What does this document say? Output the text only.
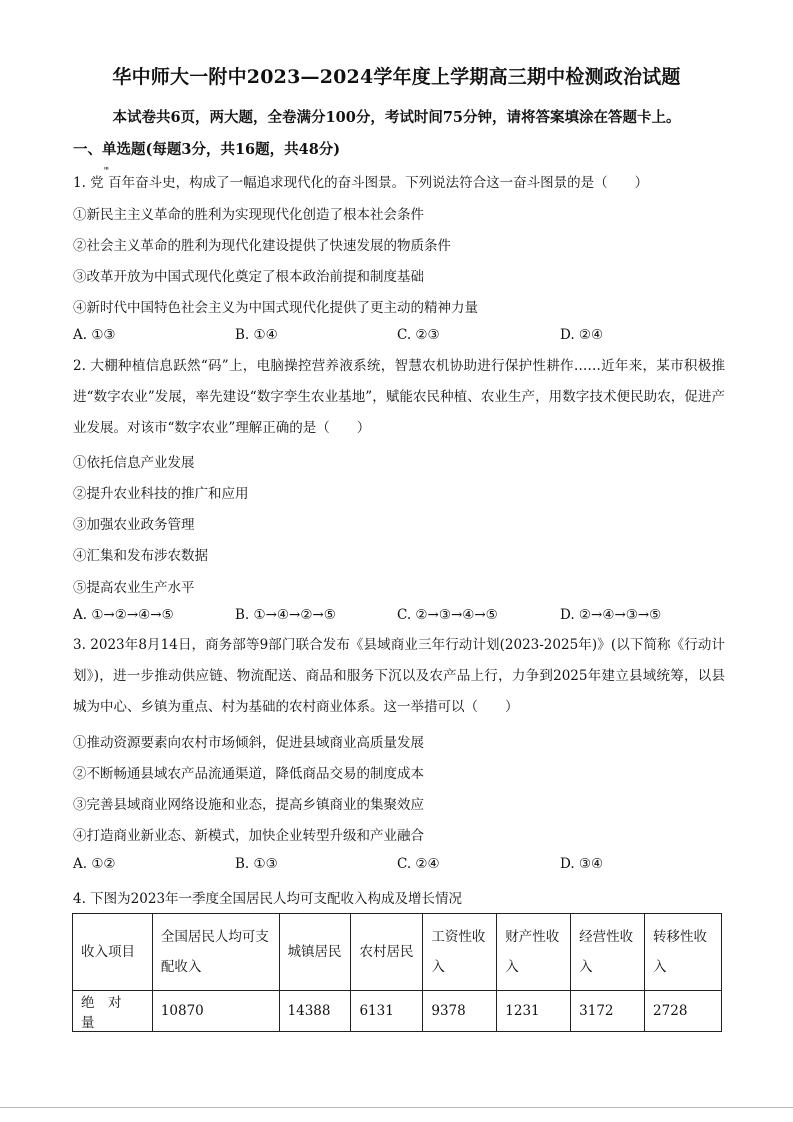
华中师大一附中2023—2024学年度上学期高三期中检测政治试题
本试卷共6页，两大题，全卷满分100分，考试时间75分钟，请将答案填涂在答题卡上。
一、单选题(每题3分，共16题，共48分)
1. 党'''百年奋斗史，构成了一幅追求现代化的奋斗图景。下列说法符合这一奋斗图景的是（　　）
①新民主主义革命的胜利为实现现代化创造了根本社会条件
②社会主义革命的胜利为现代化建设提供了快速发展的物质条件
③改革开放为中国式现代化奠定了根本政治前提和制度基础
④新时代中国特色社会主义为中国式现代化提供了更主动的精神力量
A. ①③	B. ①④	C. ②③	D. ②④
2. 大棚种植信息跃然“码”上，电脑操控营养液系统，智慧农机协助进行保护性耕作……近年来，某市积极推进“数字农业”发展，率先建设“数字孪生农业基地”，赋能农民种植、农业生产，用数字技术便民助农，促进产业发展。对该市“数字农业”理解正确的是（　　）
①依托信息产业发展
②提升农业科技的推广和应用
③加强农业政务管理
④汇集和发布涉农数据
⑤提高农业生产水平
A. ①→②→④→⑤	B. ①→④→②→⑤	C. ②→③→④→⑤	D. ②→④→③→⑤
3. 2023年8月14日，商务部等9部门联合发布《县域商业三年行动计划(2023-2025年)》(以下简称《行动计划》)，进一步推动供应链、物流配送、商品和服务下沉以及农产品上行，力争到2025年建立县域统筹，以县城为中心、乡镇为重点、村为基础的农村商业体系。这一举措可以（　　）
①推动资源要素向农村市场倾斜，促进县域商业高质量发展
②不断畅通县域农产品流通渠道，降低商品交易的制度成本
③完善县域商业网络设施和业态，提高乡镇商业的集聚效应
④打造商业新业态、新模式，加快企业转型升级和产业融合
A. ①②	B. ①③	C. ②④	D. ③④
4. 下图为2023年一季度全国居民人均可支配收入构成及增长情况
收入项目	全国居民人均可支配收入	城镇居民	农村居民	工资性收入	财产性收入	经营性收入	转移性收入
绝　对　量	10870	14388	6131	9378	1231	3172	2728
